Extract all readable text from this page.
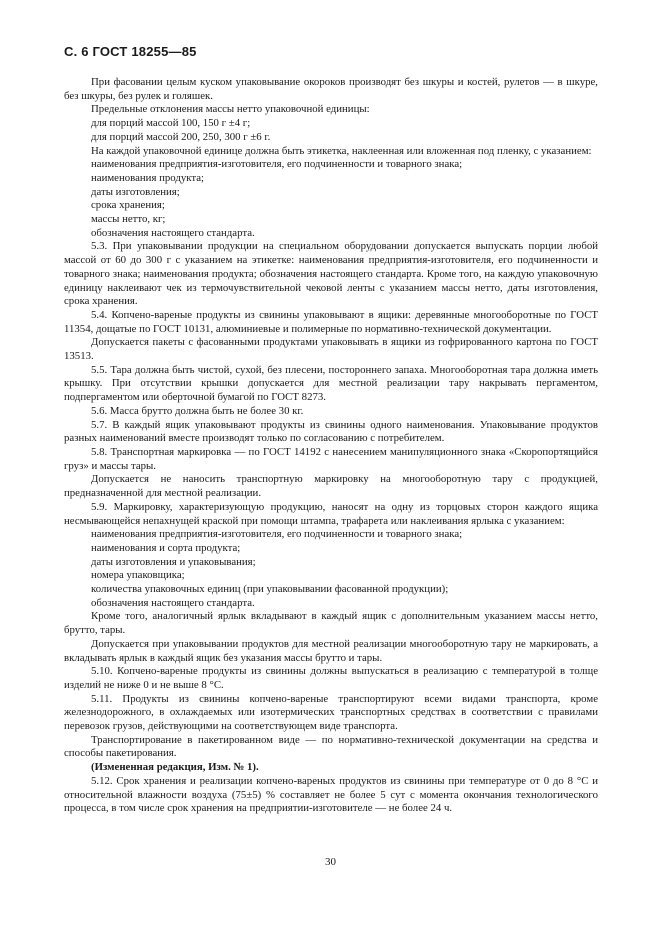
С. 6 ГОСТ 18255—85

При фасовании целым куском упаковывание окороков производят без шкуры и костей, рулетов — в шкуре, без шкуры, без рулек и голяшек.

Предельные отклонения массы нетто упаковочной единицы:

для порций массой 100, 150 г ±4 г;

для порций массой 200, 250, 300 г ±6 г.

На каждой упаковочной единице должна быть этикетка, наклеенная или вложенная под пленку, с указанием:

наименования предприятия-изготовителя, его подчиненности и товарного знака;

наименования продукта;

даты изготовления;

срока хранения;

массы нетто, кг;

обозначения настоящего стандарта.

5.3. При упаковывании продукции на специальном оборудовании допускается выпускать порции любой массой от 60 до 300 г с указанием на этикетке: наименования предприятия-изготовителя, его подчиненности и товарного знака; наименования продукта; обозначения настоящего стандарта. Кроме того, на каждую упаковочную единицу наклеивают чек из термочувствительной чековой ленты с указанием массы нетто, даты изготовления, срока хранения.

5.4. Копчено-вареные продукты из свинины упаковывают в ящики: деревянные многооборотные по ГОСТ 11354, дощатые по ГОСТ 10131, алюминиевые и полимерные по нормативно-технической документации.

Допускается пакеты с фасованными продуктами упаковывать в ящики из гофрированного картона по ГОСТ 13513.

5.5. Тара должна быть чистой, сухой, без плесени, постороннего запаха. Многооборотная тара должна иметь крышку. При отсутствии крышки допускается для местной реализации тару накрывать пергаментом, подпергаментом или оберточной бумагой по ГОСТ 8273.

5.6. Масса брутто должна быть не более 30 кг.

5.7. В каждый ящик упаковывают продукты из свинины одного наименования. Упаковывание продуктов разных наименований вместе производят только по согласованию с потребителем.

5.8. Транспортная маркировка — по ГОСТ 14192 с нанесением манипуляционного знака «Скоропортящийся груз» и массы тары.

Допускается не наносить транспортную маркировку на многооборотную тару с продукцией, предназначенной для местной реализации.

5.9. Маркировку, характеризующую продукцию, наносят на одну из торцовых сторон каждого ящика несмывающейся непахнущей краской при помощи штампа, трафарета или наклеивания ярлыка с указанием:

наименования предприятия-изготовителя, его подчиненности и товарного знака;

наименования и сорта продукта;

даты изготовления и упаковывания;

номера упаковщика;

количества упаковочных единиц (при упаковывании фасованной продукции);

обозначения настоящего стандарта.

Кроме того, аналогичный ярлык вкладывают в каждый ящик с дополнительным указанием массы нетто, брутто, тары.

Допускается при упаковывании продуктов для местной реализации многооборотную тару не маркировать, а вкладывать ярлык в каждый ящик без указания массы брутто и тары.

5.10. Копчено-вареные продукты из свинины должны выпускаться в реализацию с температурой в толще изделий не ниже 0 и не выше 8 °С.

5.11. Продукты из свинины копчено-вареные транспортируют всеми видами транспорта, кроме железнодорожного, в охлаждаемых или изотермических транспортных средствах в соответствии с правилами перевозок грузов, действующими на соответствующем виде транспорта.

Транспортирование в пакетированном виде — по нормативно-технической документации на средства и способы пакетирования.

(Измененная редакция, Изм. № 1).

5.12. Срок хранения и реализации копчено-вареных продуктов из свинины при температуре от 0 до 8 °С и относительной влажности воздуха (75±5) % составляет не более 5 сут с момента окончания технологического процесса, в том числе срок хранения на предприятии-изготовителе — не более 24 ч.

30
